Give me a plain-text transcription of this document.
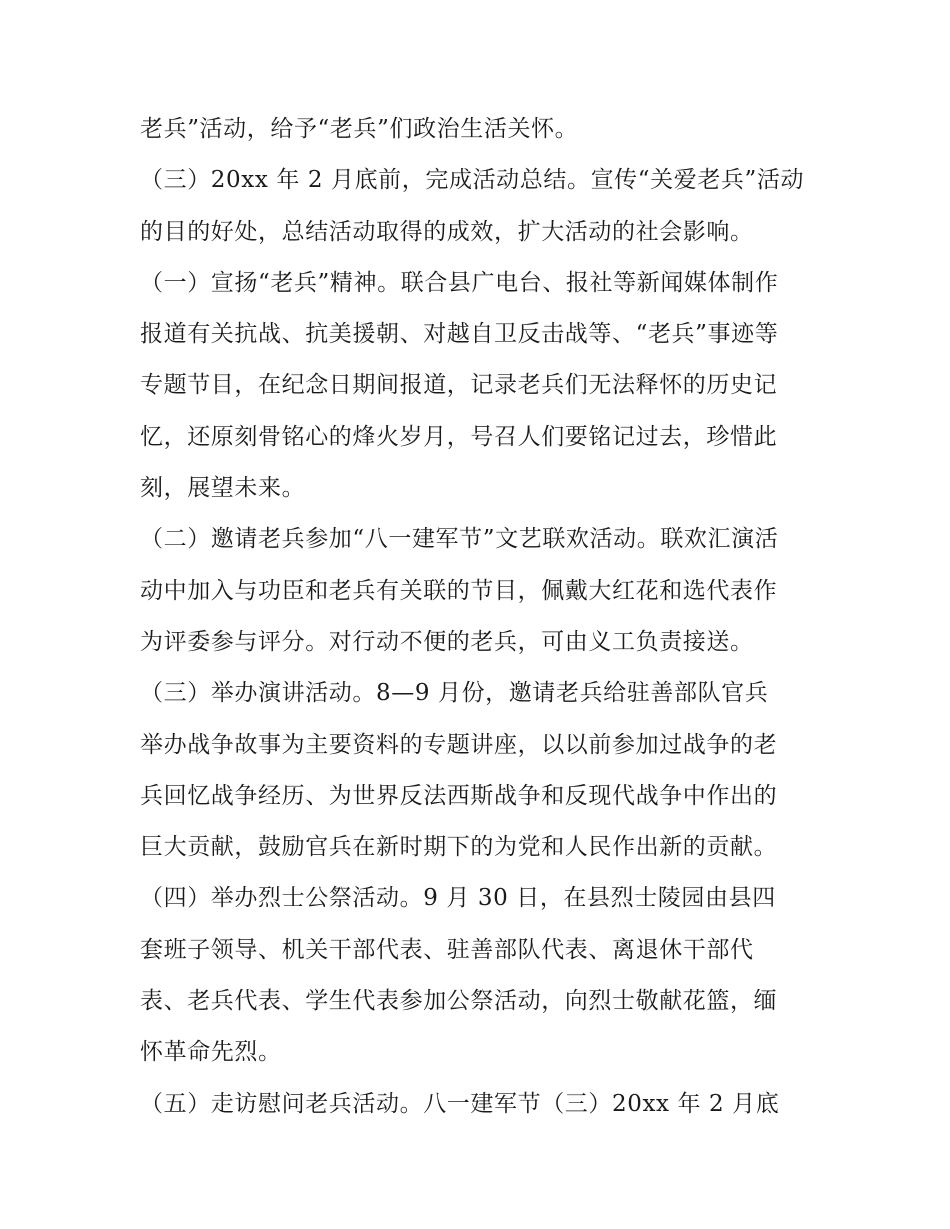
老兵”活动，给予“老兵”们政治生活关怀。
（三）20xx 年 2 月底前，完成活动总结。宣传“关爱老兵”活动
的目的好处，总结活动取得的成效，扩大活动的社会影响。
（一）宣扬“老兵”精神。联合县广电台、报社等新闻媒体制作
报道有关抗战、抗美援朝、对越自卫反击战等、“老兵”事迹等
专题节目，在纪念日期间报道，记录老兵们无法释怀的历史记
忆，还原刻骨铭心的烽火岁月，号召人们要铭记过去，珍惜此
刻，展望未来。
（二）邀请老兵参加“八一建军节”文艺联欢活动。联欢汇演活
动中加入与功臣和老兵有关联的节目，佩戴大红花和选代表作
为评委参与评分。对行动不便的老兵，可由义工负责接送。
（三）举办演讲活动。8—9 月份，邀请老兵给驻善部队官兵
举办战争故事为主要资料的专题讲座，以以前参加过战争的老
兵回忆战争经历、为世界反法西斯战争和反现代战争中作出的
巨大贡献，鼓励官兵在新时期下的为党和人民作出新的贡献。
（四）举办烈士公祭活动。9 月 30 日，在县烈士陵园由县四
套班子领导、机关干部代表、驻善部队代表、离退休干部代
表、老兵代表、学生代表参加公祭活动，向烈士敬献花篮，缅
怀革命先烈。
（五）走访慰问老兵活动。八一建军节（三）20xx 年 2 月底
